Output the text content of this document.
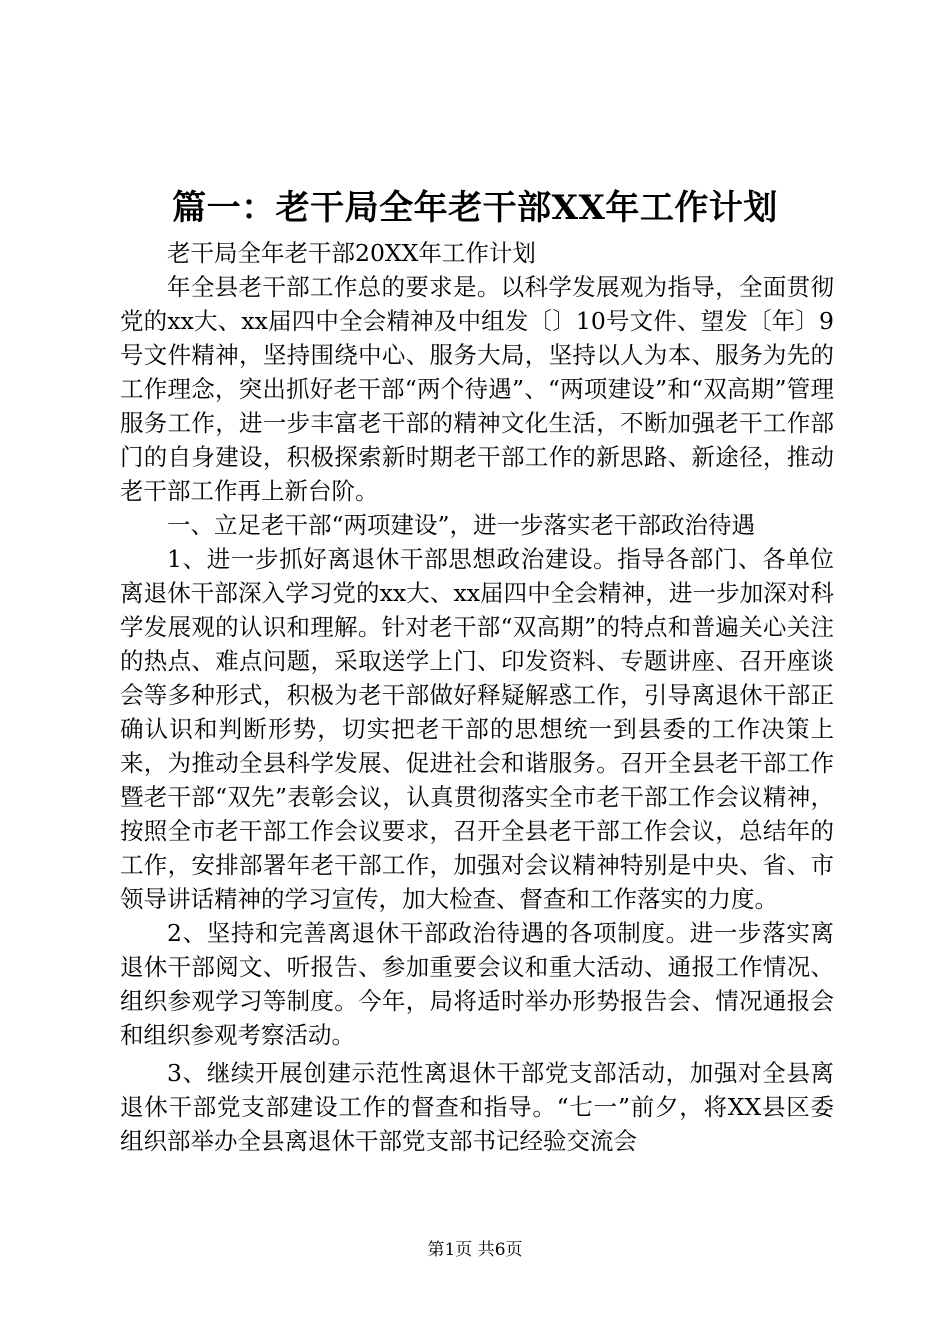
篇一：老干局全年老干部XX年工作计划

老干局全年老干部20XX年工作计划

年全县老干部工作总的要求是。以科学发展观为指导，全面贯彻党的xx大、xx届四中全会精神及中组发〔〕10号文件、望发〔年〕9号文件精神，坚持围绕中心、服务大局，坚持以人为本、服务为先的工作理念，突出抓好老干部“两个待遇”、“两项建设”和“双高期”管理服务工作，进一步丰富老干部的精神文化生活，不断加强老干工作部门的自身建设，积极探索新时期老干部工作的新思路、新途径，推动老干部工作再上新台阶。

一、立足老干部“两项建设”，进一步落实老干部政治待遇

1、进一步抓好离退休干部思想政治建设。指导各部门、各单位离退休干部深入学习党的xx大、xx届四中全会精神，进一步加深对科学发展观的认识和理解。针对老干部“双高期”的特点和普遍关心关注的热点、难点问题，采取送学上门、印发资料、专题讲座、召开座谈会等多种形式，积极为老干部做好释疑解惑工作，引导离退休干部正确认识和判断形势，切实把老干部的思想统一到县委的工作决策上来，为推动全县科学发展、促进社会和谐服务。召开全县老干部工作暨老干部“双先”表彰会议，认真贯彻落实全市老干部工作会议精神，按照全市老干部工作会议要求，召开全县老干部工作会议，总结年的工作，安排部署年老干部工作，加强对会议精神特别是中央、省、市领导讲话精神的学习宣传，加大检查、督查和工作落实的力度。

2、坚持和完善离退休干部政治待遇的各项制度。进一步落实离退休干部阅文、听报告、参加重要会议和重大活动、通报工作情况、组织参观学习等制度。今年，局将适时举办形势报告会、情况通报会和组织参观考察活动。

3、继续开展创建示范性离退休干部党支部活动，加强对全县离退休干部党支部建设工作的督查和指导。“七一”前夕，将XX县区委组织部举办全县离退休干部党支部书记经验交流会

第1页 共6页
